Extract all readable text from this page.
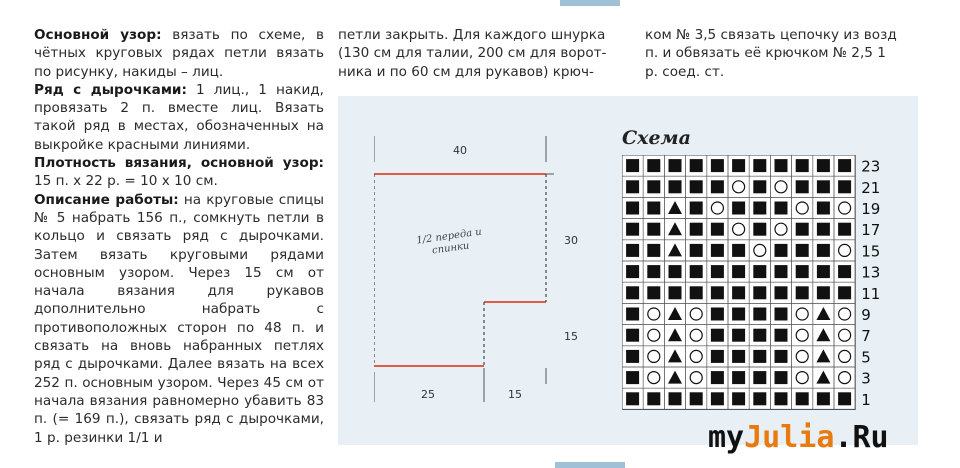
Основной узор: вязать по схеме, в чётных круговых рядах петли вязать по рисунку, накиды – лиц.

Ряд с дырочками: 1 лиц., 1 накид, провязать 2 п. вместе лиц. Вязать такой ряд в местах, обозначенных на выкройке красными линиями.

Плотность вязания, основной узор: 15 п. х 22 р. = 10 х 10 см.

Описание работы: на круговые спицы № 5 набрать 156 п., сомкнуть петли в кольцо и связать ряд с дырочками. Затем вязать круговыми рядами основным узором. Через 15 см от начала вязания для рукавов дополнительно набрать с противоположных сторон по 48 п. и связать на вновь набранных петлях ряд с дырочками. Далее вязать на всех 252 п. основным узором. Через 45 см от начала вязания равномерно убавить 83 п. (= 169 п.), связать ряд с дырочками, 1 р. резинки 1/1 и

петли закрыть. Для каждого шнурка
(130 см для талии, 200 см для ворот-
ника и по 60 см для рукавов) крюч-
ком № 3,5 связать цепочку из возд
п. и обвязать её крючком № 2,5 1
р. соед. ст.
40
30
15
25	15
1/2 переда и спинки
Схема
23
21
19
17
15
13
11
9
7
5
3
1
myJulia.Ru
